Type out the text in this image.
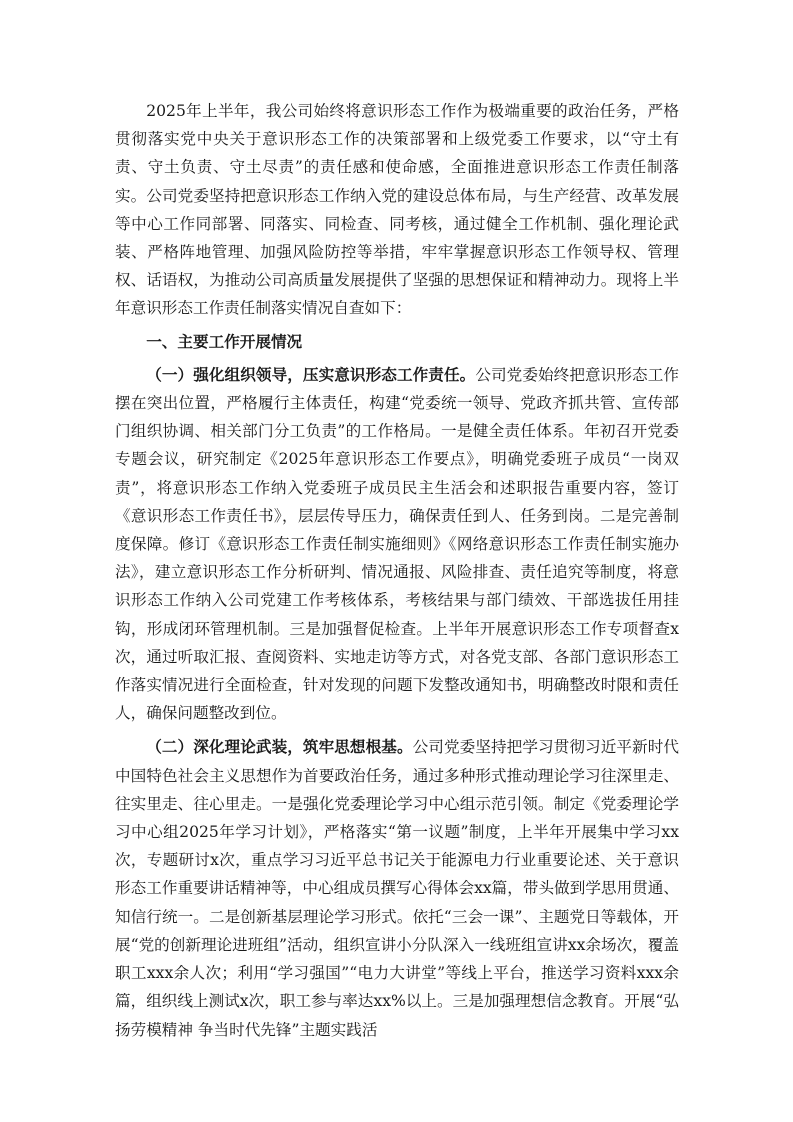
2025年上半年，我公司始终将意识形态工作作为极端重要的政治任务，严格贯彻落实党中央关于意识形态工作的决策部署和上级党委工作要求，以“守土有责、守土负责、守土尽责”的责任感和使命感，全面推进意识形态工作责任制落实。公司党委坚持把意识形态工作纳入党的建设总体布局，与生产经营、改革发展等中心工作同部署、同落实、同检查、同考核，通过健全工作机制、强化理论武装、严格阵地管理、加强风险防控等举措，牢牢掌握意识形态工作领导权、管理权、话语权，为推动公司高质量发展提供了坚强的思想保证和精神动力。现将上半年意识形态工作责任制落实情况自查如下：

一、主要工作开展情况

（一）强化组织领导，压实意识形态工作责任。公司党委始终把意识形态工作摆在突出位置，严格履行主体责任，构建“党委统一领导、党政齐抓共管、宣传部门组织协调、相关部门分工负责”的工作格局。一是健全责任体系。年初召开党委专题会议，研究制定《2025年意识形态工作要点》，明确党委班子成员“一岗双责”，将意识形态工作纳入党委班子成员民主生活会和述职报告重要内容，签订《意识形态工作责任书》，层层传导压力，确保责任到人、任务到岗。二是完善制度保障。修订《意识形态工作责任制实施细则》《网络意识形态工作责任制实施办法》，建立意识形态工作分析研判、情况通报、风险排查、责任追究等制度，将意识形态工作纳入公司党建工作考核体系，考核结果与部门绩效、干部选拔任用挂钩，形成闭环管理机制。三是加强督促检查。上半年开展意识形态工作专项督查x次，通过听取汇报、查阅资料、实地走访等方式，对各党支部、各部门意识形态工作落实情况进行全面检查，针对发现的问题下发整改通知书，明确整改时限和责任人，确保问题整改到位。

（二）深化理论武装，筑牢思想根基。公司党委坚持把学习贯彻习近平新时代中国特色社会主义思想作为首要政治任务，通过多种形式推动理论学习往深里走、往实里走、往心里走。一是强化党委理论学习中心组示范引领。制定《党委理论学习中心组2025年学习计划》，严格落实“第一议题”制度，上半年开展集中学习xx次，专题研讨x次，重点学习习近平总书记关于能源电力行业重要论述、关于意识形态工作重要讲话精神等，中心组成员撰写心得体会xx篇，带头做到学思用贯通、知信行统一。二是创新基层理论学习形式。依托“三会一课”、主题党日等载体，开展“党的创新理论进班组”活动，组织宣讲小分队深入一线班组宣讲xx余场次，覆盖职工xxx余人次；利用“学习强国”“电力大讲堂”等线上平台，推送学习资料xxx余篇，组织线上测试x次，职工参与率达xx%以上。三是加强理想信念教育。开展“弘扬劳模精神 争当时代先锋”主题实践活
